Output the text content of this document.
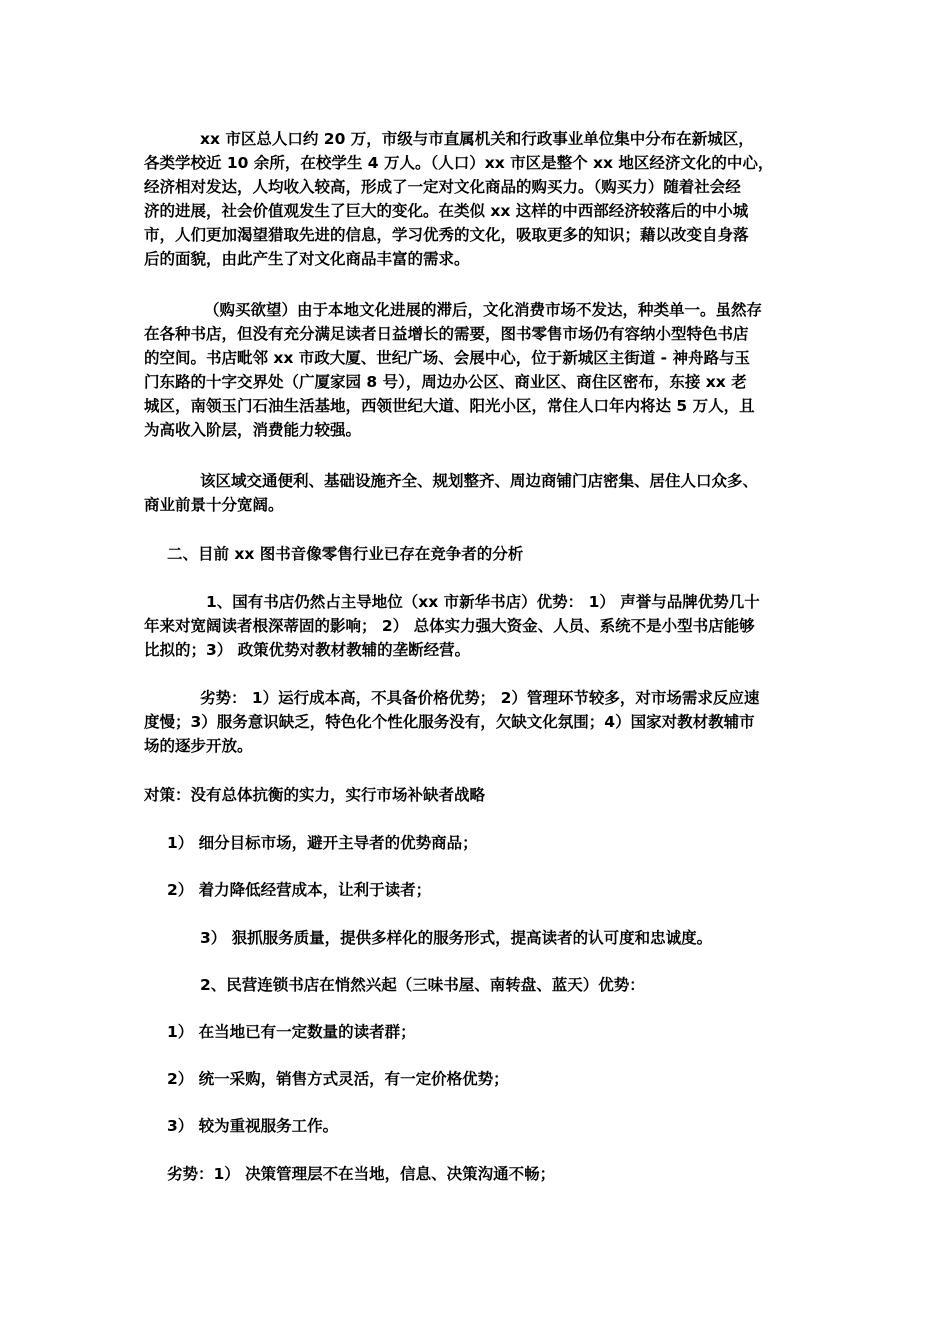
xx 市区总人口约 20 万，市级与市直属机关和行政事业单位集中分布在新城区，
各类学校近 10 余所，在校学生 4 万人。（人口）xx 市区是整个 xx 地区经济文化的中心，
经济相对发达，人均收入较高，形成了一定对文化商品的购买力。（购买力）随着社会经
济的进展，社会价值观发生了巨大的变化。在类似 xx 这样的中西部经济较落后的中小城
市，人们更加渴望猎取先进的信息，学习优秀的文化，吸取更多的知识；藉以改变自身落
后的面貌，由此产生了对文化商品丰富的需求。
（购买欲望）由于本地文化进展的滞后，文化消费市场不发达，种类单一。虽然存
在各种书店，但没有充分满足读者日益增长的需要，图书零售市场仍有容纳小型特色书店
的空间。书店毗邻 xx 市政大厦、世纪广场、会展中心，位于新城区主街道 - 神舟路与玉
门东路的十字交界处（广厦家园 8 号），周边办公区、商业区、商住区密布，东接 xx 老
城区，南领玉门石油生活基地，西领世纪大道、阳光小区，常住人口年内将达 5 万人，且
为高收入阶层，消费能力较强。
该区域交通便利、基础设施齐全、规划整齐、周边商铺门店密集、居住人口众多、
商业前景十分宽阔。
二、目前 xx 图书音像零售行业已存在竞争者的分析
1、国有书店仍然占主导地位（xx 市新华书店）优势： 1） 声誉与品牌优势几十
年来对宽阔读者根深蒂固的影响； 2） 总体实力强大资金、人员、系统不是小型书店能够
比拟的；3） 政策优势对教材教辅的垄断经营。
劣势： 1）运行成本高，不具备价格优势； 2）管理环节较多，对市场需求反应速
度慢；3）服务意识缺乏，特色化个性化服务没有，欠缺文化氛围；4）国家对教材教辅市
场的逐步开放。
对策：没有总体抗衡的实力，实行市场补缺者战略
1） 细分目标市场，避开主导者的优势商品；
2） 着力降低经营成本，让利于读者；
3） 狠抓服务质量，提供多样化的服务形式，提高读者的认可度和忠诚度。
2、民营连锁书店在悄然兴起（三味书屋、南转盘、蓝天）优势：
1） 在当地已有一定数量的读者群；
2） 统一采购，销售方式灵活，有一定价格优势；
3） 较为重视服务工作。
劣势：1） 决策管理层不在当地，信息、决策沟通不畅；
